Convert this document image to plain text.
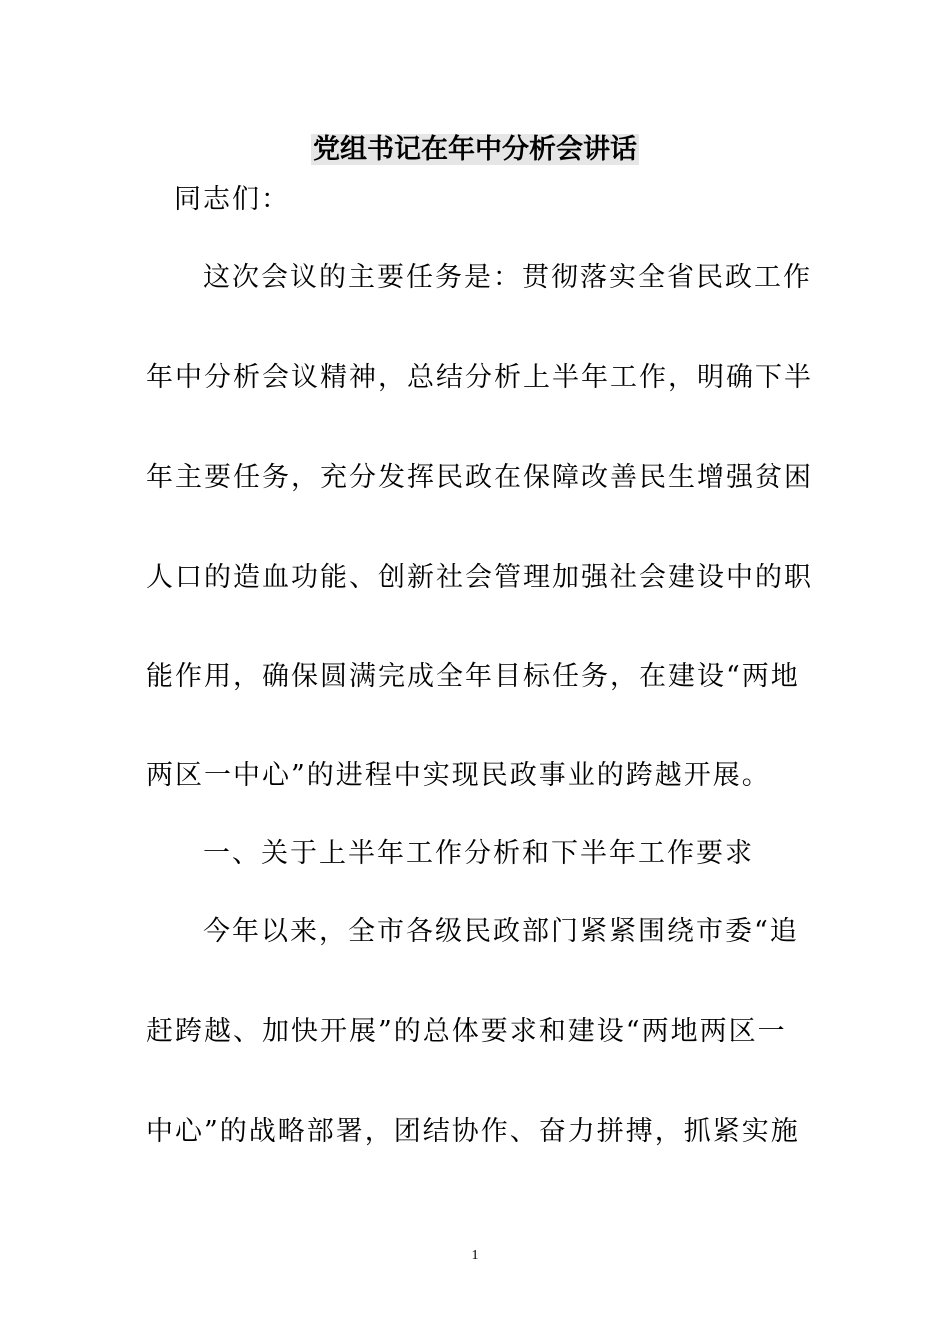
党组书记在年中分析会讲话
同志们：
这次会议的主要任务是：贯彻落实全省民政工作
年中分析会议精神，总结分析上半年工作，明确下半
年主要任务，充分发挥民政在保障改善民生增强贫困
人口的造血功能、创新社会管理加强社会建设中的职
能作用，确保圆满完成全年目标任务，在建设“两地
两区一中心”的进程中实现民政事业的跨越开展。
一、关于上半年工作分析和下半年工作要求
今年以来，全市各级民政部门紧紧围绕市委“追
赶跨越、加快开展”的总体要求和建设“两地两区一
中心”的战略部署，团结协作、奋力拼搏，抓紧实施
1
